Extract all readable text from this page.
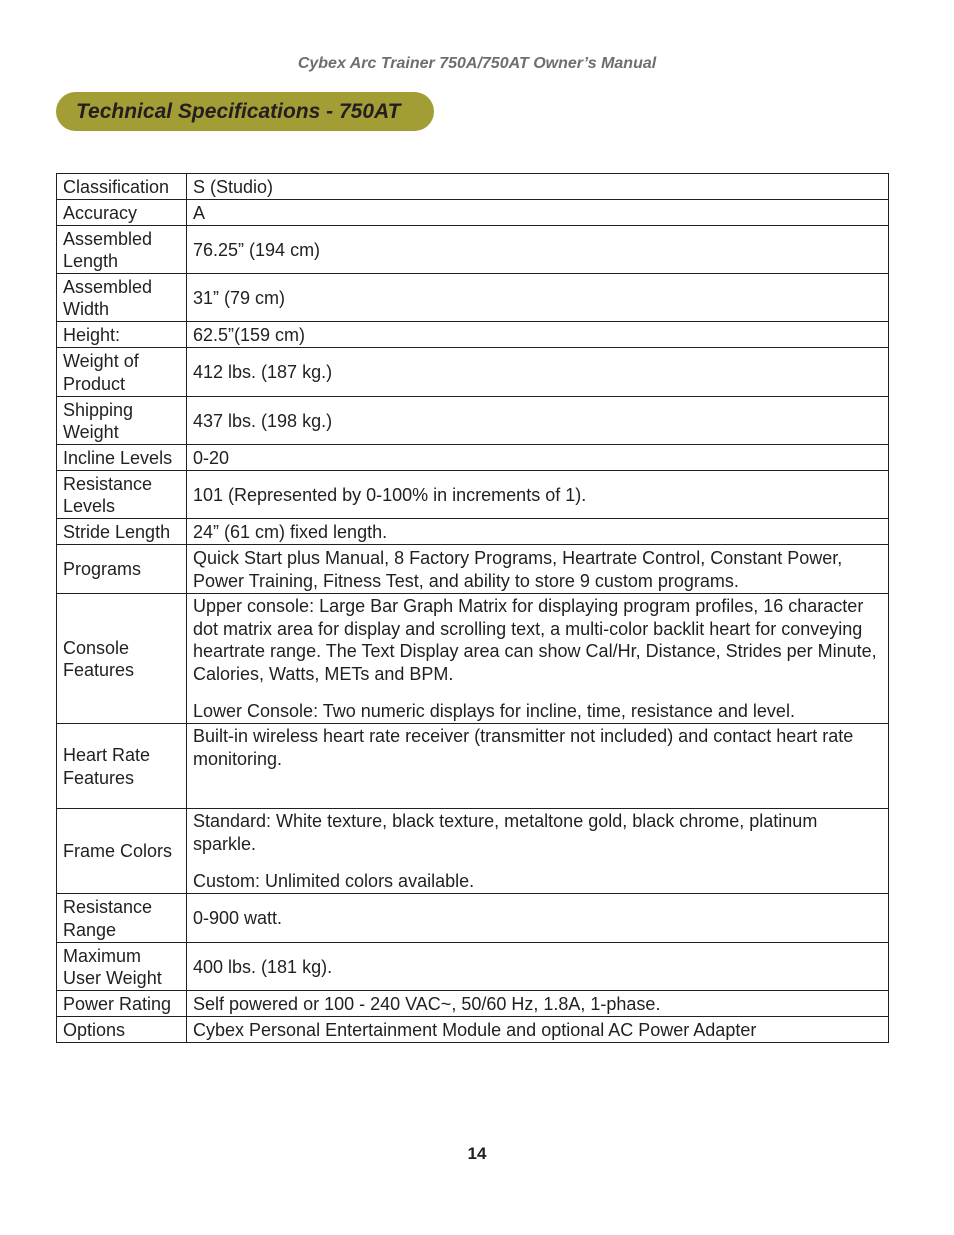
Cybex Arc Trainer 750A/750AT Owner’s Manual
Technical Specifications - 750AT
Classification	S (Studio)
Accuracy	A
Assembled Length	76.25” (194 cm)
Assembled Width	31” (79 cm)
Height:	62.5”(159 cm)
Weight of Product	412 lbs. (187 kg.)
Shipping Weight	437 lbs. (198 kg.)
Incline Levels	0-20
Resistance Levels	101 (Represented by 0-100% in increments of 1).
Stride Length	24” (61 cm) fixed length.
Programs	Quick Start plus Manual, 8 Factory Programs, Heartrate Control, Constant Power, Power Training, Fitness Test, and ability to store 9 custom programs.
Console Features	Upper console: Large Bar Graph Matrix for displaying program profiles, 16 character dot matrix area for display and scrolling text, a multi-color backlit heart for conveying heartrate range. The Text Display area can show Cal/Hr, Distance, Strides per Minute, Calories, Watts, METs and BPM.
Lower Console: Two numeric displays for incline, time, resistance and level.

Heart Rate Features	Built-in wireless heart rate receiver (transmitter not included) and contact heart rate monitoring.
Frame Colors	Standard: White texture, black texture, metaltone gold, black chrome, platinum sparkle.
Custom: Unlimited colors available.

Resistance Range	0-900 watt.
Maximum User Weight	400 lbs. (181 kg).
Power Rating	Self powered or 100 - 240 VAC~, 50/60 Hz, 1.8A, 1-phase.
Options	Cybex Personal Entertainment Module and optional AC Power Adapter
14
